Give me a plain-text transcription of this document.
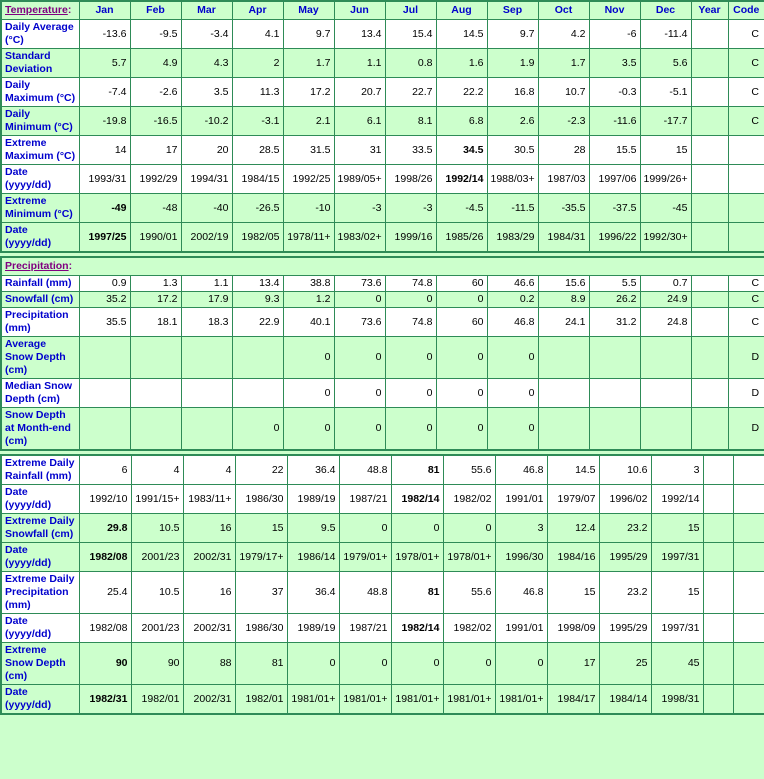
Temperature:	Jan	Feb	Mar	Apr	May	Jun	Jul	Aug	Sep	Oct	Nov	Dec	Year	Code
Daily Average (°C)	-13.6	-9.5	-3.4	4.1	9.7	13.4	15.4	14.5	9.7	4.2	-6	-11.4		C
Standard Deviation	5.7	4.9	4.3	2	1.7	1.1	0.8	1.6	1.9	1.7	3.5	5.6		C
Daily Maximum (°C)	-7.4	-2.6	3.5	11.3	17.2	20.7	22.7	22.2	16.8	10.7	-0.3	-5.1		C
Daily Minimum (°C)	-19.8	-16.5	-10.2	-3.1	2.1	6.1	8.1	6.8	2.6	-2.3	-11.6	-17.7		C
Extreme Maximum (°C)	14	17	20	28.5	31.5	31	33.5	34.5	30.5	28	15.5	15		
Date (yyyy/dd)	1993/31	1992/29	1994/31	1984/15	1992/25	1989/05+	1998/26	1992/14	1988/03+	1987/03	1997/06	1999/26+		
Extreme Minimum (°C)	-49	-48	-40	-26.5	-10	-3	-3	-4.5	-11.5	-35.5	-37.5	-45		
Date (yyyy/dd)	1997/25	1990/01	2002/19	1982/05	1978/11+	1983/02+	1999/16	1985/26	1983/29	1984/31	1996/22	1992/30+		
Precipitation:														
Rainfall (mm)	0.9	1.3	1.1	13.4	38.8	73.6	74.8	60	46.6	15.6	5.5	0.7		C
Snowfall (cm)	35.2	17.2	17.9	9.3	1.2	0	0	0	0.2	8.9	26.2	24.9		C
Precipitation (mm)	35.5	18.1	18.3	22.9	40.1	73.6	74.8	60	46.8	24.1	31.2	24.8		C
Average Snow Depth (cm)					0	0	0	0	0					D
Median Snow Depth (cm)					0	0	0	0	0					D
Snow Depth at Month-end (cm)				0	0	0	0	0	0					D
Extreme Daily Rainfall (mm)	6	4	4	22	36.4	48.8	81	55.6	46.8	14.5	10.6	3		
Date (yyyy/dd)	1992/10	1991/15+	1983/11+	1986/30	1989/19	1987/21	1982/14	1982/02	1991/01	1979/07	1996/02	1992/14		
Extreme Daily Snowfall (cm)	29.8	10.5	16	15	9.5	0	0	0	3	12.4	23.2	15		
Date (yyyy/dd)	1982/08	2001/23	2002/31	1979/17+	1986/14	1979/01+	1978/01+	1978/01+	1996/30	1984/16	1995/29	1997/31		
Extreme Daily Precipitation (mm)	25.4	10.5	16	37	36.4	48.8	81	55.6	46.8	15	23.2	15		
Date (yyyy/dd)	1982/08	2001/23	2002/31	1986/30	1989/19	1987/21	1982/14	1982/02	1991/01	1998/09	1995/29	1997/31		
Extreme Snow Depth (cm)	90	90	88	81	0	0	0	0	0	17	25	45		
Date (yyyy/dd)	1982/31	1982/01	2002/31	1982/01	1981/01+	1981/01+	1981/01+	1981/01+	1981/01+	1984/17	1984/14	1998/31		
